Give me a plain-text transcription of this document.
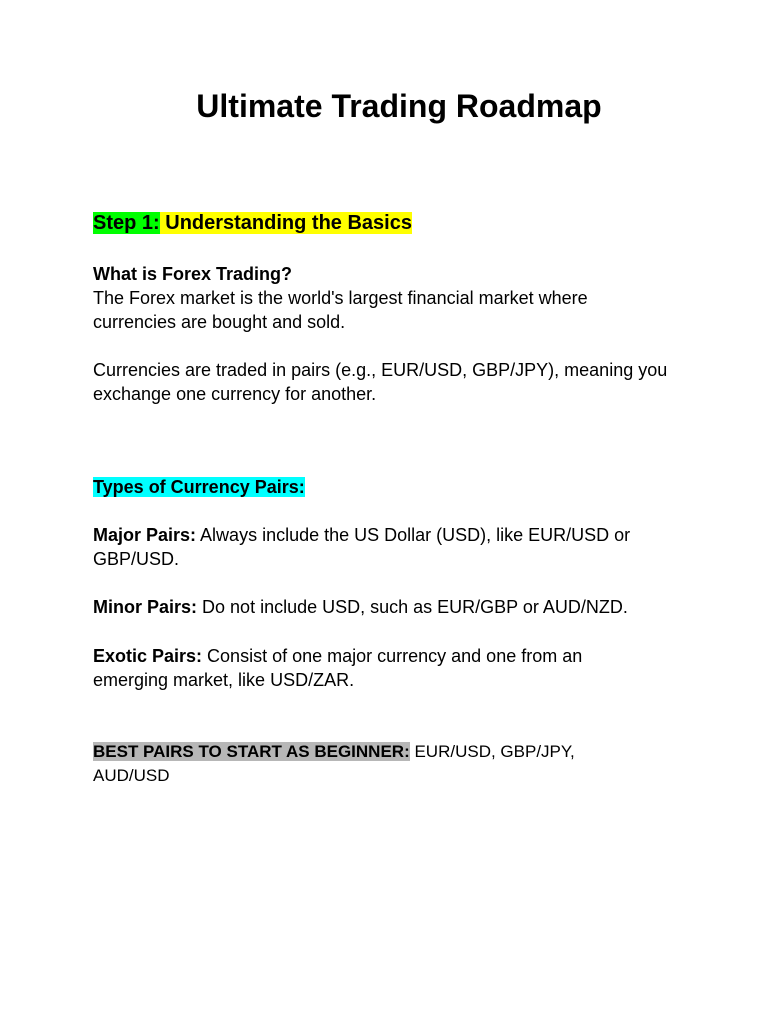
Ultimate Trading Roadmap
Step 1: Understanding the Basics
What is Forex Trading?
The Forex market is the world's largest financial market where currencies are bought and sold.
Currencies are traded in pairs (e.g., EUR/USD, GBP/JPY), meaning you exchange one currency for another.
Types of Currency Pairs:
Major Pairs: Always include the US Dollar (USD), like EUR/USD or GBP/USD.
Minor Pairs: Do not include USD, such as EUR/GBP or AUD/NZD.
Exotic Pairs: Consist of one major currency and one from an emerging market, like USD/ZAR.
BEST PAIRS TO START AS BEGINNER: EUR/USD, GBP/JPY, AUD/USD
